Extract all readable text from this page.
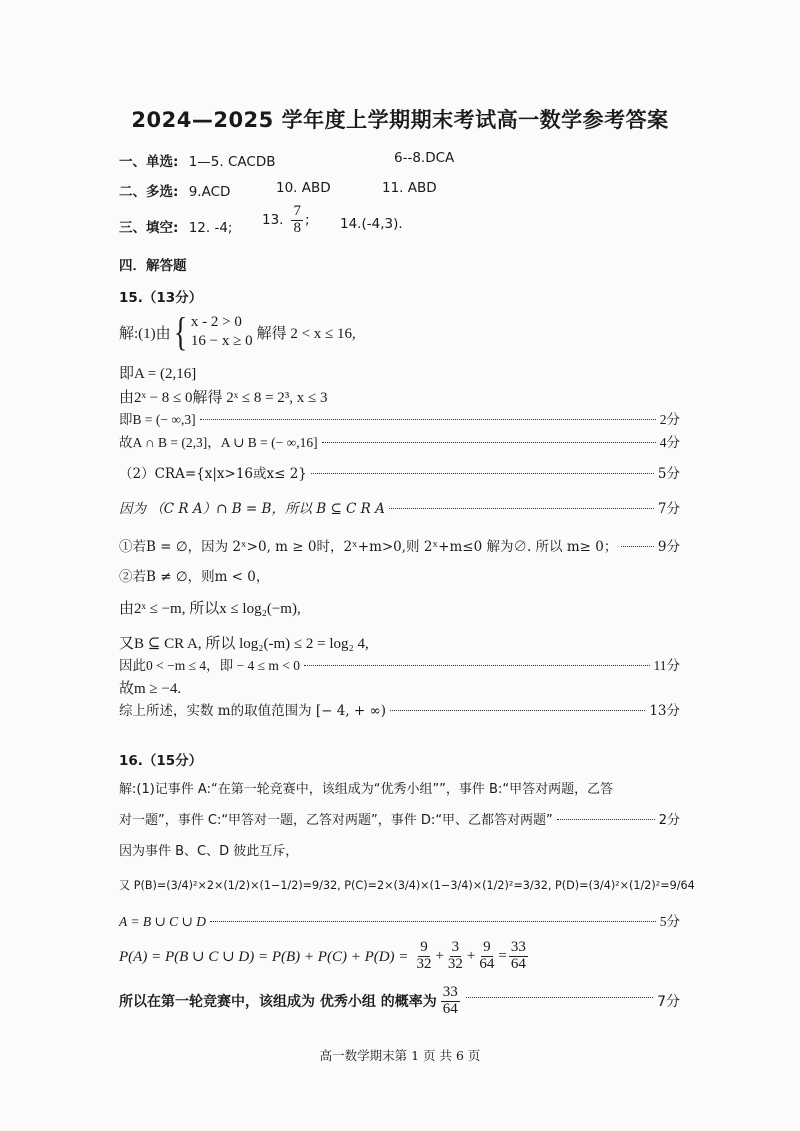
2024—2025 学年度上学期期末考试高一数学参考答案
一、单选: 1—5. CACDB	6--8.DCA
二、多选: 9.ACD	10. ABD	11. ABD
三、填空: 12. -4; 13. $\frac{7}{8}$ ; 14.(-4,3).
四．解答题
15.（13分）
解:(1)由 { x - 2 > 0
16 − x ≥ 0 解得 2 < x ≤ 16,
即A = (2,16]
由2ˣ − 8 ≤ 0解得 2ˣ ≤ 8 = 2³, x ≤ 3
即B = (− ∞,3]	2分
故A ∩ B = (2,3]，A ∪ B = (− ∞,16]	4分
（2）CRA={x|x>16或x≤ 2}	5分
因为 （C R A）∩ B = B，所以 B ⊆ C R A	7分
①若B = ∅，因为 2ˣ>0, m ≥ 0时，2ˣ+m>0,则 2ˣ+m≤0 解为∅. 所以 m≥ 0；	9分
②若B ≠ ∅，则m < 0，
由2ˣ ≤ −m, 所以x ≤ log₂(−m),
又B ⊆ CR A, 所以 log₂(-m) ≤ 2 = log₂ 4,
因此0 < −m ≤ 4，即 − 4 ≤ m < 0	11分
故m ≥ −4.
综上所述，实数 m的取值范围为 [− 4, + ∞)	13分
16.（15分）
解:(1)记事件 A:“在第一轮竞赛中，该组成为“优秀小组””，事件 B:“甲答对两题，乙答
对一题”，事件 C:“甲答对一题，乙答对两题”，事件 D:“甲、乙都答对两题”	2分
因为事件 B、C、D 彼此互斥，
又 P(B)=(3/4)²×2×(1/2)×(1−1/2)=9/32, P(C)=2×(3/4)×(1−3/4)×(1/2)²=3/32, P(D)=(3/4)²×(1/2)²=9/64
A = B ∪ C ∪ D	5分
P(A) = P(B ∪ C ∪ $D) = P(B) + P(C) + P(D) = \frac{9}{32} + \frac{3}{32} + \frac{9}{64} = \frac{33}{64}$
所以在第一轮竞赛中，该组成为 优秀小组 的概率为 $\frac{33}{64}$	7分
高一数学期末第 1 页 共 6 页
